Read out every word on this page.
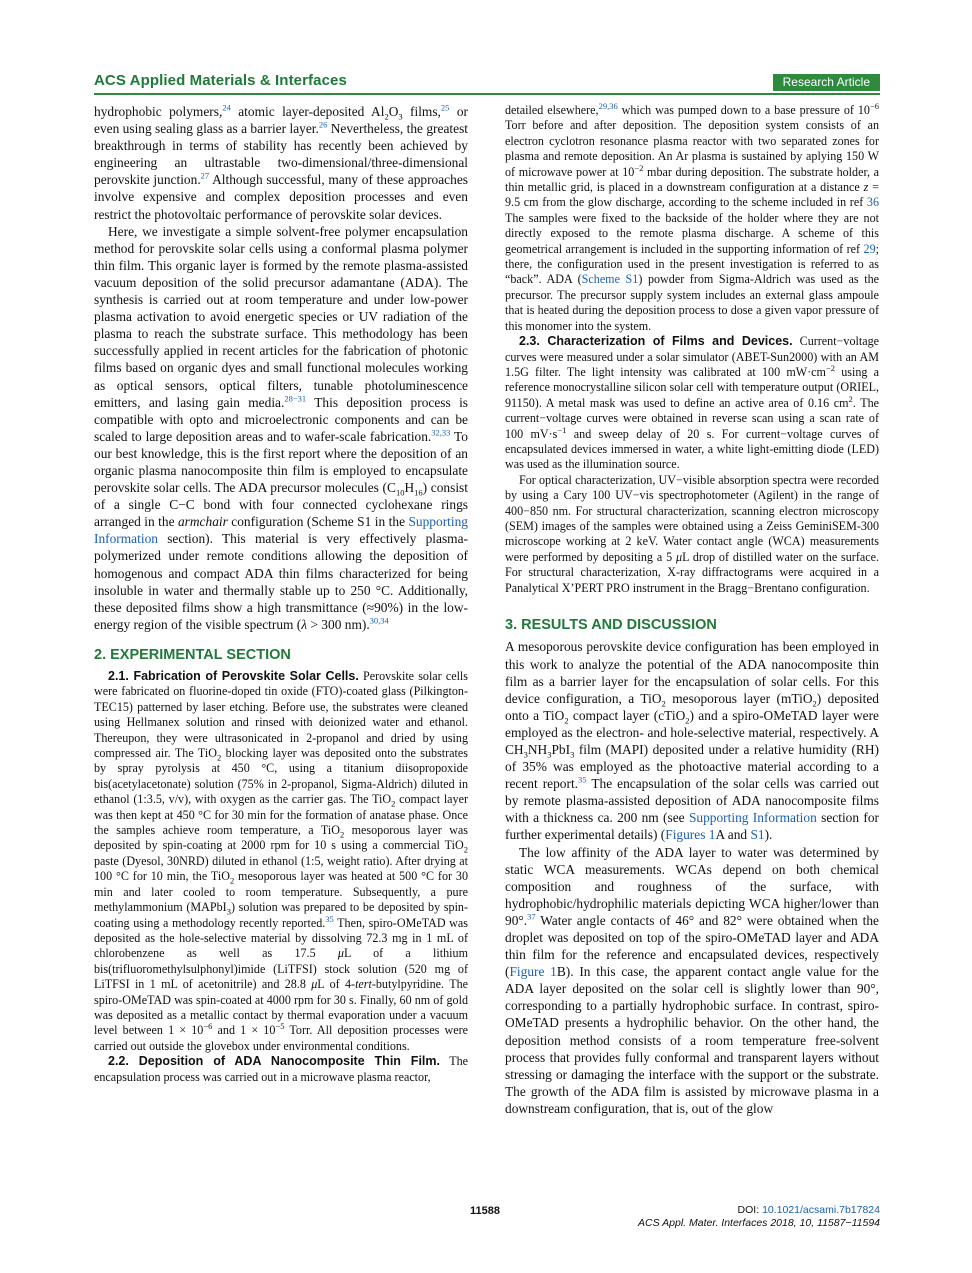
ACS Applied Materials & Interfaces	Research Article

hydrophobic polymers,$^{24}$ atomic layer-deposited $Al_2O_3$ films,$^{25}$ or even using sealing glass as a barrier layer.$^{26}$ Nevertheless, the greatest breakthrough in terms of stability has recently been achieved by engineering an ultrastable two-dimensional/three-dimensional perovskite junction.$^{27}$ Although successful, many of these approaches involve expensive and complex deposition processes and even restrict the photovoltaic performance of perovskite solar devices.

Here, we investigate a simple solvent-free polymer encapsulation method for perovskite solar cells using a conformal plasma polymer thin film. This organic layer is formed by the remote plasma-assisted vacuum deposition of the solid precursor adamantane (ADA). The synthesis is carried out at room temperature and under low-power plasma activation to avoid energetic species or UV radiation of the plasma to reach the substrate surface. This methodology has been successfully applied in recent articles for the fabrication of photonic films based on organic dyes and small functional molecules working as optical sensors, optical filters, tunable photoluminescence emitters, and lasing gain media.$^{28-31}$ This deposition process is compatible with opto and microelectronic components and can be scaled to large deposition areas and to wafer-scale fabrication.$^{32,33}$ To our best knowledge, this is the first report where the deposition of an organic plasma nanocomposite thin film is employed to encapsulate perovskite solar cells. The ADA precursor molecules $(C_{10}H_{16})$ consist of a single C−C bond with four connected cyclohexane rings arranged in the armchair configuration (Scheme S1 in the Supporting Information section). This material is very effectively plasma-polymerized under remote conditions allowing the deposition of homogenous and compact ADA thin films characterized for being insoluble in water and thermally stable up to 250 °C. Additionally, these deposited films show a high transmittance (≈90%) in the low-energy region of the visible spectrum (λ > 300 nm).$^{30,34}$

2. EXPERIMENTAL SECTION

2.1. Fabrication of Perovskite Solar Cells. Perovskite solar cells were fabricated on fluorine-doped tin oxide (FTO)-coated glass (Pilkington-TEC15) patterned by laser etching. Before use, the substrates were cleaned using Hellmanex solution and rinsed with deionized water and ethanol. Thereupon, they were ultrasonicated in 2-propanol and dried by using compressed air. The TiO$_2$ blocking layer was deposited onto the substrates by spray pyrolysis at 450 °C, using a titanium diisopropoxide bis(acetylacetonate) solution (75% in 2-propanol, Sigma-Aldrich) diluted in ethanol (1:3.5, v/v), with oxygen as the carrier gas. The TiO$_2$ compact layer was then kept at 450 °C for 30 min for the formation of anatase phase. Once the samples achieve room temperature, a TiO$_2$ mesoporous layer was deposited by spin-coating at 2000 rpm for 10 s using a commercial TiO$_2$ paste (Dyesol, 30NRD) diluted in ethanol (1:5, weight ratio). After drying at 100 °C for 10 min, the TiO$_2$ mesoporous layer was heated at 500 °C for 30 min and later cooled to room temperature. Subsequently, a pure methylammonium (MAPbI$_3$) solution was prepared to be deposited by spin-coating using a methodology recently reported.$^{35}$ Then, spiro-OMeTAD was deposited as the hole-selective material by dissolving 72.3 mg in 1 mL of chlorobenzene as well as 17.5 μL of a lithium bis(trifluoromethylsulphonyl)imide (LiTFSI) stock solution (520 mg of LiTFSI in 1 mL of acetonitrile) and 28.8 μL of 4-tert-butylpyridine. The spiro-OMeTAD was spin-coated at 4000 rpm for 30 s. Finally, 60 nm of gold was deposited as a metallic contact by thermal evaporation under a vacuum level between $1 \times 10^{-6}$ and $1 \times 10^{-5}$ Torr. All deposition processes were carried out outside the glovebox under environmental conditions.

2.2. Deposition of ADA Nanocomposite Thin Film. The encapsulation process was carried out in a microwave plasma reactor,

detailed elsewhere,$^{29,36}$ which was pumped down to a base pressure of $10^{-6}$ Torr before and after deposition. The deposition system consists of an electron cyclotron resonance plasma reactor with two separated zones for plasma and remote deposition. An Ar plasma is sustained by aplying 150 W of microwave power at $10^{-2}$ mbar during deposition. The substrate holder, a thin metallic grid, is placed in a downstream configuration at a distance z = 9.5 cm from the glow discharge, according to the scheme included in ref 36 The samples were fixed to the backside of the holder where they are not directly exposed to the remote plasma discharge. A scheme of this geometrical arrangement is included in the supporting information of ref 29; there, the configuration used in the present investigation is referred to as “back”. ADA (Scheme S1) powder from Sigma-Aldrich was used as the precursor. The precursor supply system includes an external glass ampoule that is heated during the deposition process to dose a given vapor pressure of this monomer into the system.

2.3. Characterization of Films and Devices. Current−voltage curves were measured under a solar simulator (ABET-Sun2000) with an AM 1.5G filter. The light intensity was calibrated at 100 $mW\cdot cm^{-2}$ using a reference monocrystalline silicon solar cell with temperature output (ORIEL, 91150). A metal mask was used to define an active area of 0.16 $cm^2$. The current−voltage curves were obtained in reverse scan using a scan rate of 100 $mV\cdot s^{-1}$ and sweep delay of 20 s. For current−voltage curves of encapsulated devices immersed in water, a white light-emitting diode (LED) was used as the illumination source.

For optical characterization, UV−visible absorption spectra were recorded by using a Cary 100 UV−vis spectrophotometer (Agilent) in the range of 400−850 nm. For structural characterization, scanning electron microscopy (SEM) images of the samples were obtained using a Zeiss GeminiSEM-300 microscope working at 2 keV. Water contact angle (WCA) measurements were performed by depositing a 5 μL drop of distilled water on the surface. For structural characterization, X-ray diffractograms were acquired in a Panalytical X’PERT PRO instrument in the Bragg−Brentano configuration.

3. RESULTS AND DISCUSSION

A mesoporous perovskite device configuration has been employed in this work to analyze the potential of the ADA nanocomposite thin film as a barrier layer for the encapsulation of solar cells. For this device configuration, a TiO$_2$ mesoporous layer (mTiO$_2$) deposited onto a TiO$_2$ compact layer (cTiO$_2$) and a spiro-OMeTAD layer were employed as the electron- and hole-selective material, respectively. A $CH_3NH_3PbI_3$ film (MAPI) deposited under a relative humidity (RH) of 35% was employed as the photoactive material according to a recent report.$^{35}$ The encapsulation of the solar cells was carried out by remote plasma-assisted deposition of ADA nanocomposite films with a thickness ca. 200 nm (see Supporting Information section for further experimental details) (Figures 1A and S1).

The low affinity of the ADA layer to water was determined by static WCA measurements. WCAs depend on both chemical composition and roughness of the surface, with hydrophobic/hydrophilic materials depicting WCA higher/lower than 90°.$^{37}$ Water angle contacts of 46° and 82° were obtained when the droplet was deposited on top of the spiro-OMeTAD layer and ADA thin film for the reference and encapsulated devices, respectively (Figure 1B). In this case, the apparent contact angle value for the ADA layer deposited on the solar cell is slightly lower than 90°, corresponding to a partially hydrophobic surface. In contrast, spiro-OMeTAD presents a hydrophilic behavior. On the other hand, the deposition method consists of a room temperature free-solvent process that provides fully conformal and transparent layers without stressing or damaging the interface with the support or the substrate. The growth of the ADA film is assisted by microwave plasma in a downstream configuration, that is, out of the glow

11588	DOI: 10.1021/acsami.7b17824
ACS Appl. Mater. Interfaces 2018, 10, 11587−11594
